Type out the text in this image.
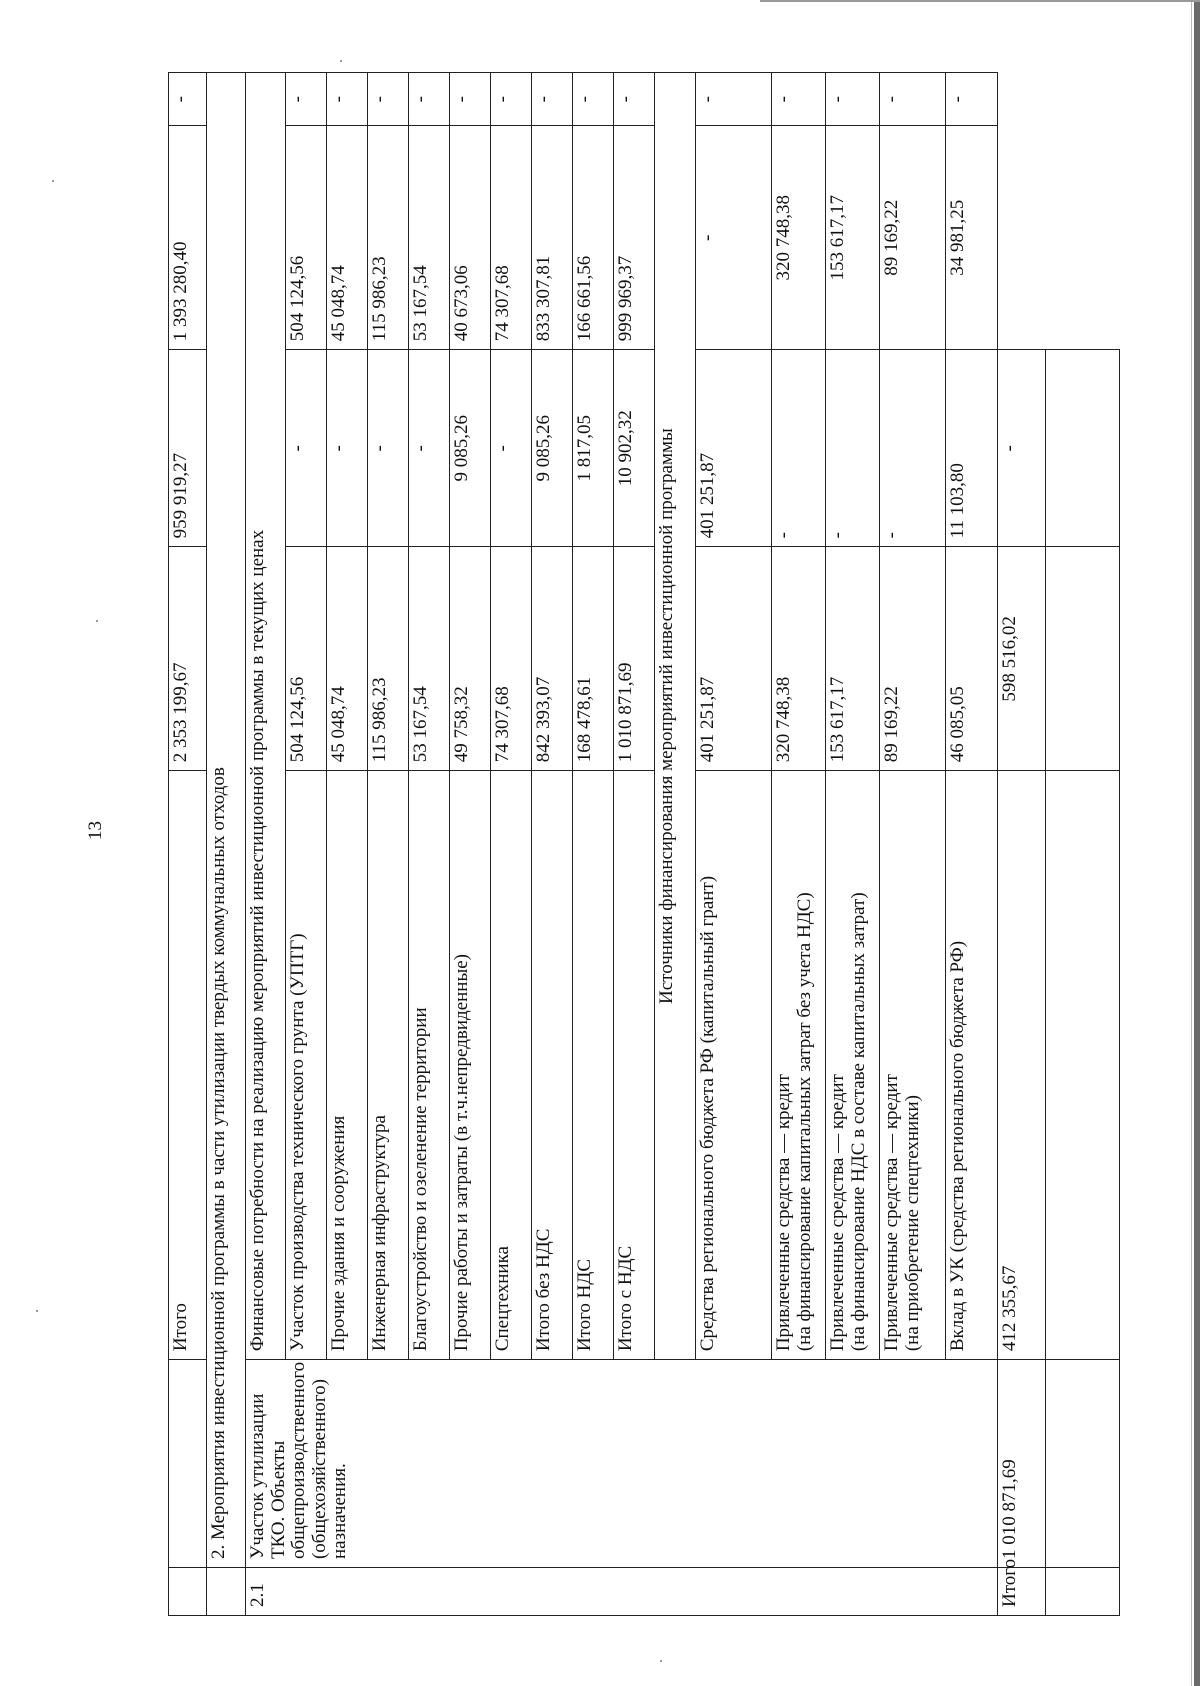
13
		Итого	2 353 199,67	959 919,27	1 393 280,40	-
	2. Мероприятия инвестиционной программы в части утилизации твердых коммунальных отходов					
2.1	Участок утилизации ТКО. Объекты общепроизводственного (общехозяйственного) назначения.	Финансовые потребности на реализацию мероприятий инвестиционной программы в текущих ценах				
		Участок производства технического грунта (УПТГ)	504 124,56	-	504 124,56	-
		Прочие здания и сооружения	45 048,74	-	45 048,74	-
		Инженерная инфраструктура	115 986,23	-	115 986,23	-
		Благоустройство и озеленение территории	53 167,54	-	53 167,54	-
		Прочие работы и затраты (в т.ч.непредвиденные)	49 758,32	9 085,26	40 673,06	-
		Спецтехника	74 307,68	-	74 307,68	-
		Итого без НДС	842 393,07	9 085,26	833 307,81	-
		Итого НДС	168 478,61	1 817,05	166 661,56	-
		Итого с НДС	1 010 871,69	10 902,32	999 969,37	-
		Источники финансирования мероприятий инвестиционной программы				

		Средства регионального бюджета РФ (капитальный грант)	401 251,87	401 251,87	-	-

		Привлеченные средства — кредит (на финансирование капитальных затрат без учета НДС)	320 748,38	-	320 748,38	-

		Привлеченные средства — кредит (на финансирование НДС в составе капитальных затрат)	153 617,17	-	153 617,17	-

		Привлеченные средства — кредит (на приобретение спецтехники)	89 169,22	-	89 169,22	-

		Вклад в УК (средства регионального бюджета РФ)	46 085,05	11 103,80	34 981,25	-

Итого	1 010 871,69	412 355,67	598 516,02	-		
